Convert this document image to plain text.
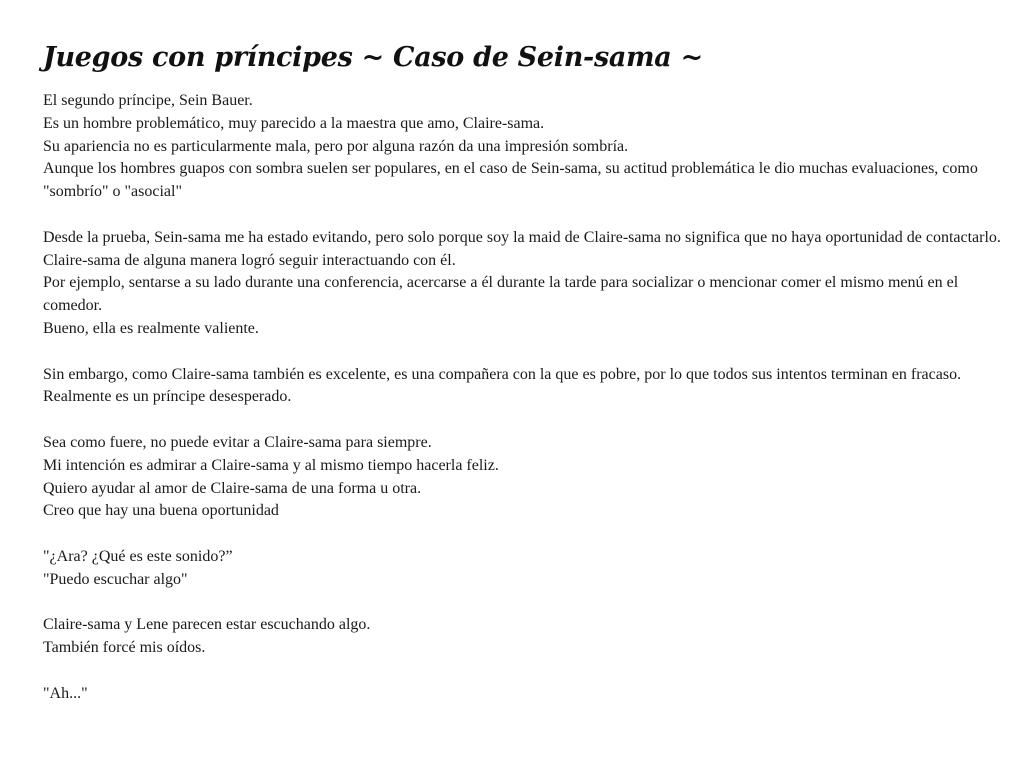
Juegos con príncipes ~ Caso de Sein-sama ~

El segundo príncipe, Sein Bauer.
Es un hombre problemático, muy parecido a la maestra que amo, Claire-sama.
Su apariencia no es particularmente mala, pero por alguna razón da una impresión sombría.
Aunque los hombres guapos con sombra suelen ser populares, en el caso de Sein-sama, su actitud problemática le dio muchas evaluaciones, como "sombrío" o "asocial"

Desde la prueba, Sein-sama me ha estado evitando, pero solo porque soy la maid de Claire-sama no significa que no haya oportunidad de contactarlo.
Claire-sama de alguna manera logró seguir interactuando con él.
Por ejemplo, sentarse a su lado durante una conferencia, acercarse a él durante la tarde para socializar o mencionar comer el mismo menú en el comedor.
Bueno, ella es realmente valiente.

Sin embargo, como Claire-sama también es excelente, es una compañera con la que es pobre, por lo que todos sus intentos terminan en fracaso.
Realmente es un príncipe desesperado.

Sea como fuere, no puede evitar a Claire-sama para siempre.
Mi intención es admirar a Claire-sama y al mismo tiempo hacerla feliz.
Quiero ayudar al amor de Claire-sama de una forma u otra.
Creo que hay una buena oportunidad

"¿Ara? ¿Qué es este sonido?”
"Puedo escuchar algo"

Claire-sama y Lene parecen estar escuchando algo.
También forcé mis oídos.

"Ah..."
